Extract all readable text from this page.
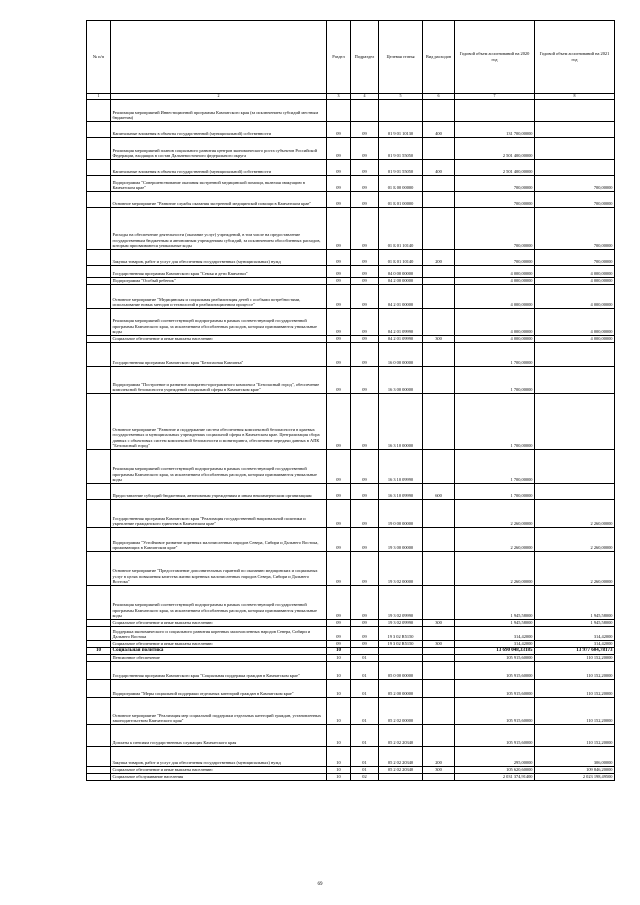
№ п/п		Раздел	Подраздел	Целевая статья	Вид расходов	Годовой объем ассигнований на 2020 год	Годовой объем ассигнований на 2021 год
1	2	3	4	5	6	7	8
	Реализация мероприятий Инвестиционной программы Камчатского края (за исключением субсидий местным бюджетам)						
	Капитальные вложения в объекты государственной (муниципальной) собственности	09	09	01 9 01 10130	400	131 700,00000	
	Реализация мероприятий планов социального развития центров экономического роста субъектов Российской Федерации, входящих в состав Дальневосточного федерального округа	09	09	01 9 01 55050		2 501 400,00000	
	Капитальные вложения в объекты государственной (муниципальной) собственности	09	09	01 9 01 55050	400	2 501 400,00000	
	Подпрограмма "Совершенствование оказания экстренной медицинской помощи, включая эвакуацию в Камчатском крае"	09	09	01 Б 00 00000		700,00000	700,00000
	Основное мероприятие "Развитие службы оказания экстренной медицинской помощи в Камчатском крае"	09	09	01 Б 01 00000		700,00000	700,00000
	Расходы на обеспечение деятельности (оказание услуг) учреждений, в том числе на предоставление государственным бюджетным и автономным учреждениям субсидий, за исключением обособленных расходов, которым присваиваются уникальные коды	09	09	01 Б 01 10140		700,00000	700,00000
	Закупка товаров, работ и услуг для обеспечения государственных (муниципальных) нужд	09	09	01 Б 01 10140	200	700,00000	700,00000
	Государственная программа Камчатского края "Семья и дети Камчатки"	09	09	04 0 00 00000		4 000,00000	4 000,00000
	Подпрограмма "Особый ребенок"	09	09	04 2 00 00000		4 000,00000	4 000,00000
	Основное мероприятие "Медицинская и социальная реабилитация детей с особыми потребностями, использование новых методов и технологий в реабилитационном процессе"	09	09	04 2 01 00000		4 000,00000	4 000,00000
	Реализация мероприятий соответствующей подпрограммы в рамках соответствующей государственной программы Камчатского края, за исключением обособленных расходов, которым присваиваются уникальные коды	09	09	04 2 01 09990		4 000,00000	4 000,00000
	Социальное обеспечение и иные выплаты населению	09	09	04 2 01 09990	300	4 000,00000	4 000,00000
	Государственная программа Камчатского края "Безопасная Камчатка"	09	09	16 0 00 00000		1 700,00000	
	Подпрограмма "Построение и развитие аппаратно-программного комплекса "Безопасный город", обеспечение комплексной безопасности учреждений социальной сферы в Камчатском крае"	09	09	16 3 00 00000		1 700,00000	
	Основное мероприятие "Развитие и поддержание систем обеспечения комплексной безопасности в краевых государственных и муниципальных учреждениях социальной сферы в Камчатском крае. Централизация сбора данных с объектовых систем комплексной безопасности и мониторинга, обеспечение передачи данных в АПК "Безопасный город"	09	09	16 3 10 00000		1 700,00000	
	Реализация мероприятий соответствующей подпрограммы в рамках соответствующей государственной программы Камчатского края, за исключением обособленных расходов, которым присваиваются уникальные коды	09	09	16 3 10 09990		1 700,00000	
	Предоставление субсидий бюджетным, автономным учреждениям и иным некоммерческим организациям	09	09	16 3 10 09990	600	1 700,00000	
	Государственная программа Камчатского края "Реализация государственной национальной политики и укрепление гражданского единства в Камчатском крае"	09	09	19 0 00 00000		2 260,00000	2 260,00000
	Подпрограмма "Устойчивое развитие коренных малочисленных народов Севера, Сибири и Дальнего Востока, проживающих в Камчатском крае"	09	09	19 3 00 00000		2 260,00000	2 260,00000
	Основное мероприятие "Предоставление дополнительных гарантий по оказанию медицинских и социальных услуг в целях повышения качества жизни коренных малочисленных народов Севера, Сибири и Дальнего Востока"	09	09	19 3 02 00000		2 260,00000	2 260,00000
	Реализация мероприятий соответствующей подпрограммы в рамках соответствующей государственной программы Камчатского края, за исключением обособленных расходов, которым присваиваются уникальные коды	09	09	19 3 02 09990		1 945,58000	1 945,58000
	Социальное обеспечение и иные выплаты населению	09	09	19 3 02 09990	300	1 945,58000	1 945,58000
	Поддержка экономического и социального развития коренных малочисленных народов Севера, Сибири и Дальнего Востока	09	09	19 3 02 R5150		314,42000	314,42000
	Социальное обеспечение и иные выплаты населению	09	09	19 3 02 R5150	300	314,42000	314,42000
10	Социальная политика	10				13 690 048,33185	13 977 604,78173
	Пенсионное обеспечение	10	01			105 915,60000	110 152,20000
	Государственная программа Камчатского края "Социальная поддержка граждан в Камчатском крае"	10	01	05 0 00 00000		105 915,60000	110 152,20000
	Подпрограмма "Меры социальной поддержки отдельных категорий граждан в Камчатском крае"	10	01	05 2 00 00000		105 915,60000	110 152,20000
	Основное мероприятие "Реализация мер социальной поддержки отдельных категорий граждан, установленных законодательством Камчатского края"	10	01	05 2 02 00000		105 915,60000	110 152,20000
	Доплаты к пенсиям государственных служащих Камчатского края	10	01	05 2 02 20340		105 915,60000	110 152,20000
	Закупка товаров, работ и услуг для обеспечения государственных (муниципальных) нужд	10	01	05 2 02 20340	200	295,00000	306,00000
	Социальное обеспечение и иные выплаты населению	10	01	05 2 02 20340	300	105 620,60000	109 846,20000
	Социальное обслуживание населения	10	02			2 031 374,91400	2 023 198,49500
69
